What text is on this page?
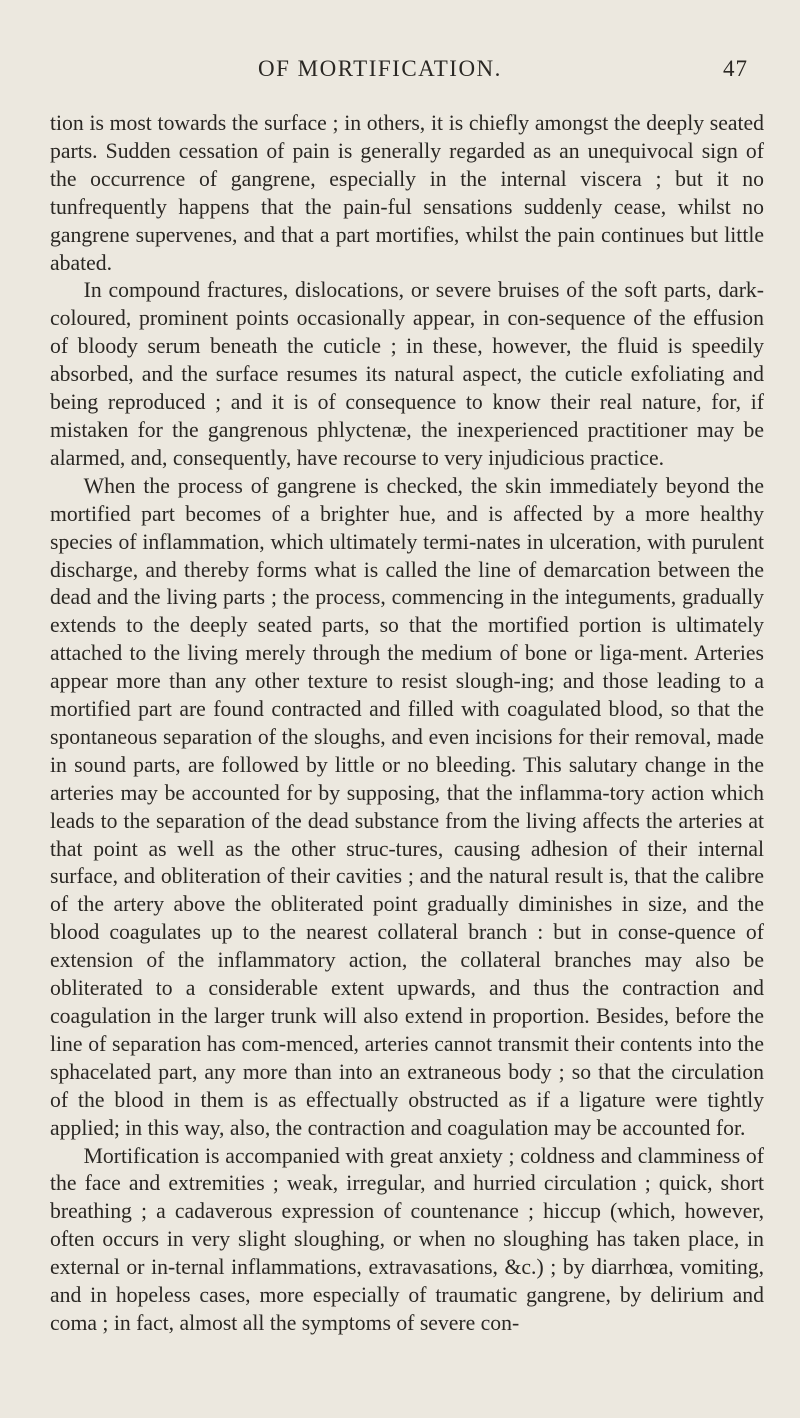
OF MORTIFICATION.	47

tion is most towards the surface ; in others, it is chiefly amongst the deeply seated parts. Sudden cessation of pain is generally regarded as an unequivocal sign of the occurrence of gangrene, especially in the internal viscera ; but it no tunfrequently happens that the pain-ful sensations suddenly cease, whilst no gangrene supervenes, and that a part mortifies, whilst the pain continues but little abated.

In compound fractures, dislocations, or severe bruises of the soft parts, dark-coloured, prominent points occasionally appear, in con-sequence of the effusion of bloody serum beneath the cuticle ; in these, however, the fluid is speedily absorbed, and the surface resumes its natural aspect, the cuticle exfoliating and being reproduced ; and it is of consequence to know their real nature, for, if mistaken for the gangrenous phlyctenæ, the inexperienced practitioner may be alarmed, and, consequently, have recourse to very injudicious practice.

When the process of gangrene is checked, the skin immediately beyond the mortified part becomes of a brighter hue, and is affected by a more healthy species of inflammation, which ultimately termi-nates in ulceration, with purulent discharge, and thereby forms what is called the line of demarcation between the dead and the living parts ; the process, commencing in the integuments, gradually extends to the deeply seated parts, so that the mortified portion is ultimately attached to the living merely through the medium of bone or liga-ment. Arteries appear more than any other texture to resist slough-ing; and those leading to a mortified part are found contracted and filled with coagulated blood, so that the spontaneous separation of the sloughs, and even incisions for their removal, made in sound parts, are followed by little or no bleeding. This salutary change in the arteries may be accounted for by supposing, that the inflamma-tory action which leads to the separation of the dead substance from the living affects the arteries at that point as well as the other struc-tures, causing adhesion of their internal surface, and obliteration of their cavities ; and the natural result is, that the calibre of the artery above the obliterated point gradually diminishes in size, and the blood coagulates up to the nearest collateral branch : but in conse-quence of extension of the inflammatory action, the collateral branches may also be obliterated to a considerable extent upwards, and thus the contraction and coagulation in the larger trunk will also extend in proportion. Besides, before the line of separation has com-menced, arteries cannot transmit their contents into the sphacelated part, any more than into an extraneous body ; so that the circulation of the blood in them is as effectually obstructed as if a ligature were tightly applied; in this way, also, the contraction and coagulation may be accounted for.

Mortification is accompanied with great anxiety ; coldness and clamminess of the face and extremities ; weak, irregular, and hurried circulation ; quick, short breathing ; a cadaverous expression of countenance ; hiccup (which, however, often occurs in very slight sloughing, or when no sloughing has taken place, in external or in-ternal inflammations, extravasations, &c.) ; by diarrhœa, vomiting, and in hopeless cases, more especially of traumatic gangrene, by delirium and coma ; in fact, almost all the symptoms of severe con-
